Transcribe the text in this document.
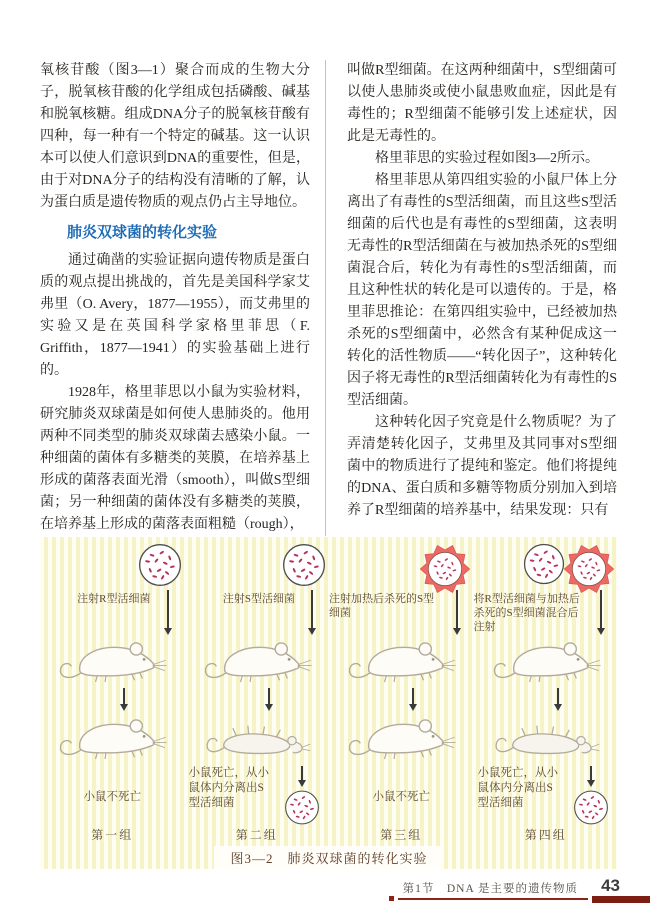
氧核苷酸（图3—1）聚合而成的生物大分子，脱氧核苷酸的化学组成包括磷酸、碱基和脱氧核糖。组成DNA分子的脱氧核苷酸有四种，每一种有一个特定的碱基。这一认识本可以使人们意识到DNA的重要性，但是，由于对DNA分子的结构没有清晰的了解，认为蛋白质是遗传物质的观点仍占主导地位。

肺炎双球菌的转化实验

通过确凿的实验证据向遗传物质是蛋白质的观点提出挑战的，首先是美国科学家艾弗里（O. Avery，1877—1955），而艾弗里的实验又是在英国科学家格里菲思（F. Griffith，1877—1941）的实验基础上进行的。

1928年，格里菲思以小鼠为实验材料，研究肺炎双球菌是如何使人患肺炎的。他用两种不同类型的肺炎双球菌去感染小鼠。一种细菌的菌体有多糖类的荚膜，在培养基上形成的菌落表面光滑（smooth），叫做S型细菌；另一种细菌的菌体没有多糖类的荚膜，在培养基上形成的菌落表面粗糙（rough），

叫做R型细菌。在这两种细菌中，S型细菌可以使人患肺炎或使小鼠患败血症，因此是有毒性的；R型细菌不能够引发上述症状，因此是无毒性的。

格里菲思的实验过程如图3—2所示。

格里菲思从第四组实验的小鼠尸体上分离出了有毒性的S型活细菌，而且这些S型活细菌的后代也是有毒性的S型细菌，这表明无毒性的R型活细菌在与被加热杀死的S型细菌混合后，转化为有毒性的S型活细菌，而且这种性状的转化是可以遗传的。于是，格里菲思推论：在第四组实验中，已经被加热杀死的S型细菌中，必然含有某种促成这一转化的活性物质——“转化因子”，这种转化因子将无毒性的R型活细菌转化为有毒性的S型活细菌。

这种转化因子究竟是什么物质呢？为了弄清楚转化因子，艾弗里及其同事对S型细菌中的物质进行了提纯和鉴定。他们将提纯的DNA、蛋白质和多糖等物质分别加入到培养了R型细菌的培养基中，结果发现：只有

注射R型活细菌
小鼠不死亡
第一组
注射S型活细菌
小鼠死亡，从小鼠体内分离出S型活细菌
第二组
注射加热后杀死的S型细菌
小鼠不死亡
第三组
将R型活细菌与加热后杀死的S型细菌混合后注射
小鼠死亡，从小鼠体内分离出S型活细菌
第四组
图3—2　肺炎双球菌的转化实验
第1节　DNA 是主要的遗传物质 43
